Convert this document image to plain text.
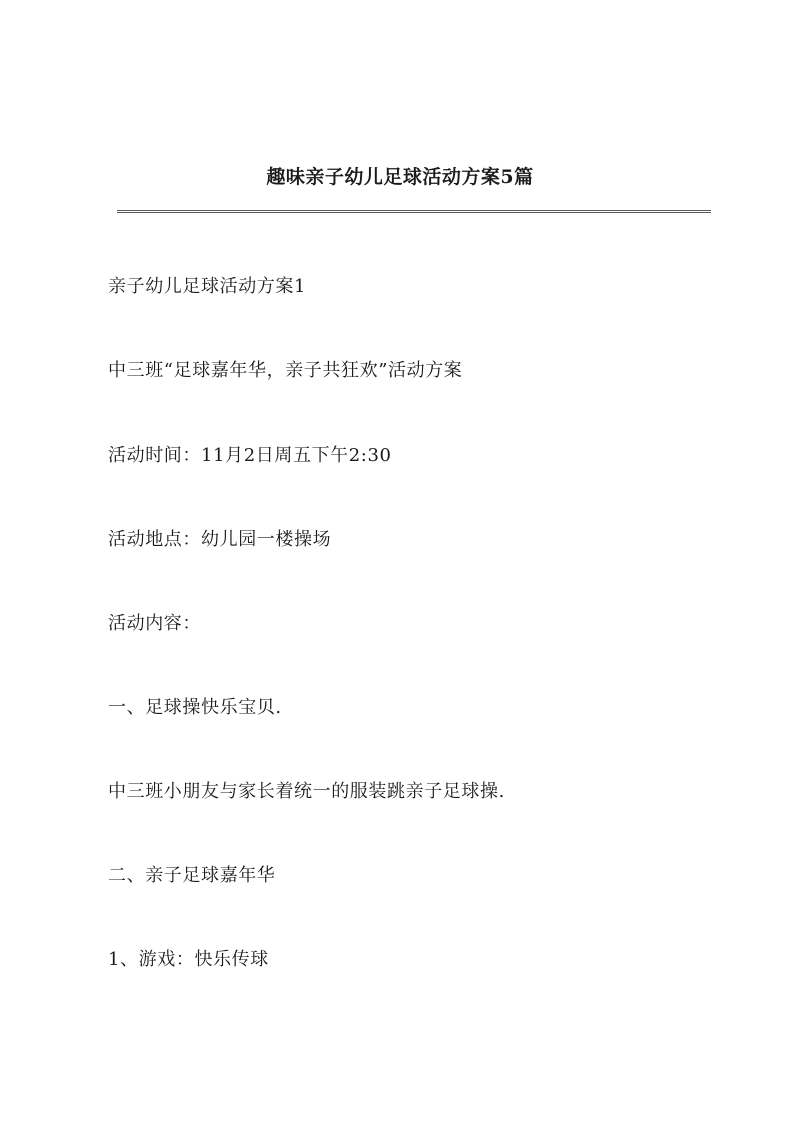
趣味亲子幼儿足球活动方案5篇

亲子幼儿足球活动方案1

中三班“足球嘉年华，亲子共狂欢”活动方案

活动时间：11月2日周五下午2:30

活动地点：幼儿园一楼操场

活动内容：

一、足球操快乐宝贝.

中三班小朋友与家长着统一的服装跳亲子足球操.

二、亲子足球嘉年华

1、游戏：快乐传球
